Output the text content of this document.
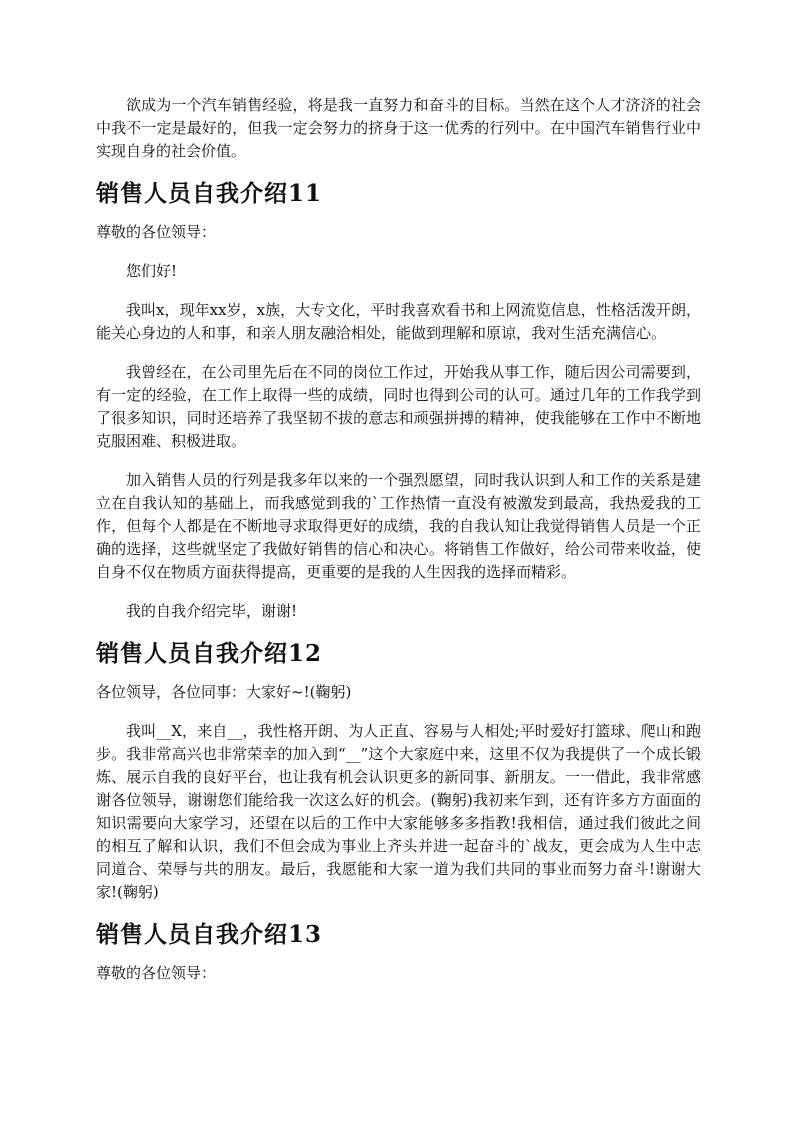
欲成为一个汽车销售经验，将是我一直努力和奋斗的目标。当然在这个人才济济的社会中我不一定是最好的，但我一定会努力的挤身于这一优秀的行列中。在中国汽车销售行业中实现自身的社会价值。

销售人员自我介绍11

尊敬的各位领导：

您们好!

我叫x，现年xx岁，x族，大专文化，平时我喜欢看书和上网流览信息，性格活泼开朗，能关心身边的人和事，和亲人朋友融洽相处，能做到理解和原谅，我对生活充满信心。

我曾经在，在公司里先后在不同的岗位工作过，开始我从事工作，随后因公司需要到，有一定的经验，在工作上取得一些的成绩，同时也得到公司的认可。通过几年的工作我学到了很多知识，同时还培养了我坚韧不拔的意志和顽强拼搏的精神，使我能够在工作中不断地克服困难、积极进取。

加入销售人员的行列是我多年以来的一个强烈愿望，同时我认识到人和工作的关系是建立在自我认知的基础上，而我感觉到我的`工作热情一直没有被激发到最高，我热爱我的工作，但每个人都是在不断地寻求取得更好的成绩，我的自我认知让我觉得销售人员是一个正确的选择，这些就坚定了我做好销售的信心和决心。将销售工作做好，给公司带来收益，使自身不仅在物质方面获得提高，更重要的是我的人生因我的选择而精彩。

我的自我介绍完毕，谢谢!

销售人员自我介绍12

各位领导，各位同事：大家好~!(鞠躬)

我叫__X，来自__，我性格开朗、为人正直、容易与人相处;平时爱好打篮球、爬山和跑步。我非常高兴也非常荣幸的加入到“__”这个大家庭中来，这里不仅为我提供了一个成长锻炼、展示自我的良好平台，也让我有机会认识更多的新同事、新朋友。一一借此，我非常感谢各位领导，谢谢您们能给我一次这么好的机会。(鞠躬)我初来乍到，还有许多方方面面的知识需要向大家学习，还望在以后的工作中大家能够多多指教!我相信，通过我们彼此之间的相互了解和认识，我们不但会成为事业上齐头并进一起奋斗的`战友，更会成为人生中志同道合、荣辱与共的朋友。最后，我愿能和大家一道为我们共同的事业而努力奋斗!谢谢大家!(鞠躬)

销售人员自我介绍13

尊敬的各位领导：
